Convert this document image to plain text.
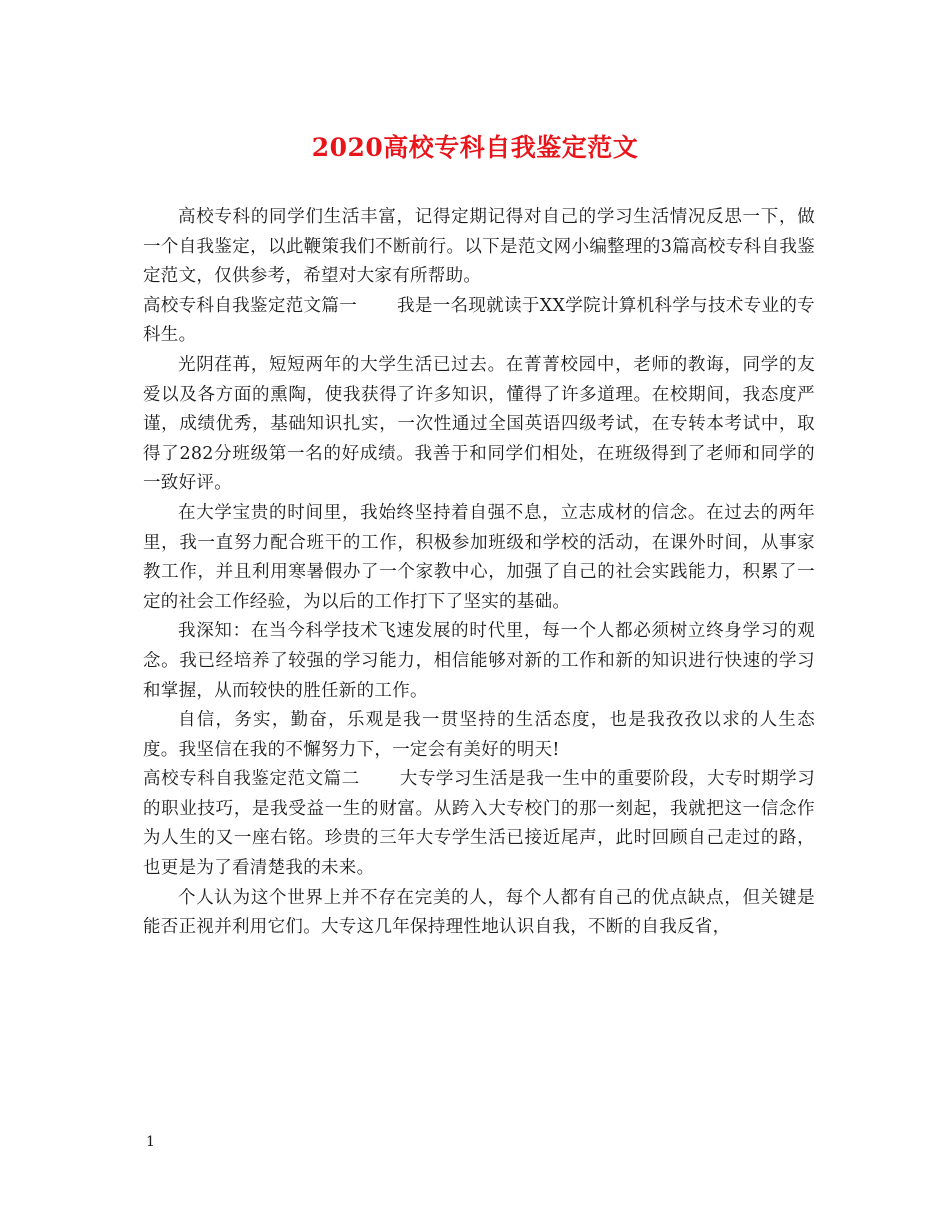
2020高校专科自我鉴定范文

高校专科的同学们生活丰富，记得定期记得对自己的学习生活情况反思一下，做一个自我鉴定，以此鞭策我们不断前行。以下是范文网小编整理的3篇高校专科自我鉴定范文，仅供参考，希望对大家有所帮助。

高校专科自我鉴定范文篇一 我是一名现就读于XX学院计算机科学与技术专业的专科生。

光阴荏苒，短短两年的大学生活已过去。在菁菁校园中，老师的教诲，同学的友爱以及各方面的熏陶，使我获得了许多知识，懂得了许多道理。在校期间，我态度严谨，成绩优秀，基础知识扎实，一次性通过全国英语四级考试，在专转本考试中，取得了282分班级第一名的好成绩。我善于和同学们相处，在班级得到了老师和同学的一致好评。

在大学宝贵的时间里，我始终坚持着自强不息，立志成材的信念。在过去的两年里，我一直努力配合班干的工作，积极参加班级和学校的活动，在课外时间，从事家教工作，并且利用寒暑假办了一个家教中心，加强了自己的社会实践能力，积累了一定的社会工作经验，为以后的工作打下了坚实的基础。

我深知：在当今科学技术飞速发展的时代里，每一个人都必须树立终身学习的观念。我已经培养了较强的学习能力，相信能够对新的工作和新的知识进行快速的学习和掌握，从而较快的胜任新的工作。

自信，务实，勤奋，乐观是我一贯坚持的生活态度，也是我孜孜以求的人生态度。我坚信在我的不懈努力下，一定会有美好的明天!

高校专科自我鉴定范文篇二 大专学习生活是我一生中的重要阶段，大专时期学习的职业技巧，是我受益一生的财富。从跨入大专校门的那一刻起，我就把这一信念作为人生的又一座右铭。珍贵的三年大专学生活已接近尾声，此时回顾自己走过的路，也更是为了看清楚我的未来。

个人认为这个世界上并不存在完美的人，每个人都有自己的优点缺点，但关键是能否正视并利用它们。大专这几年保持理性地认识自我，不断的自我反省，

1
